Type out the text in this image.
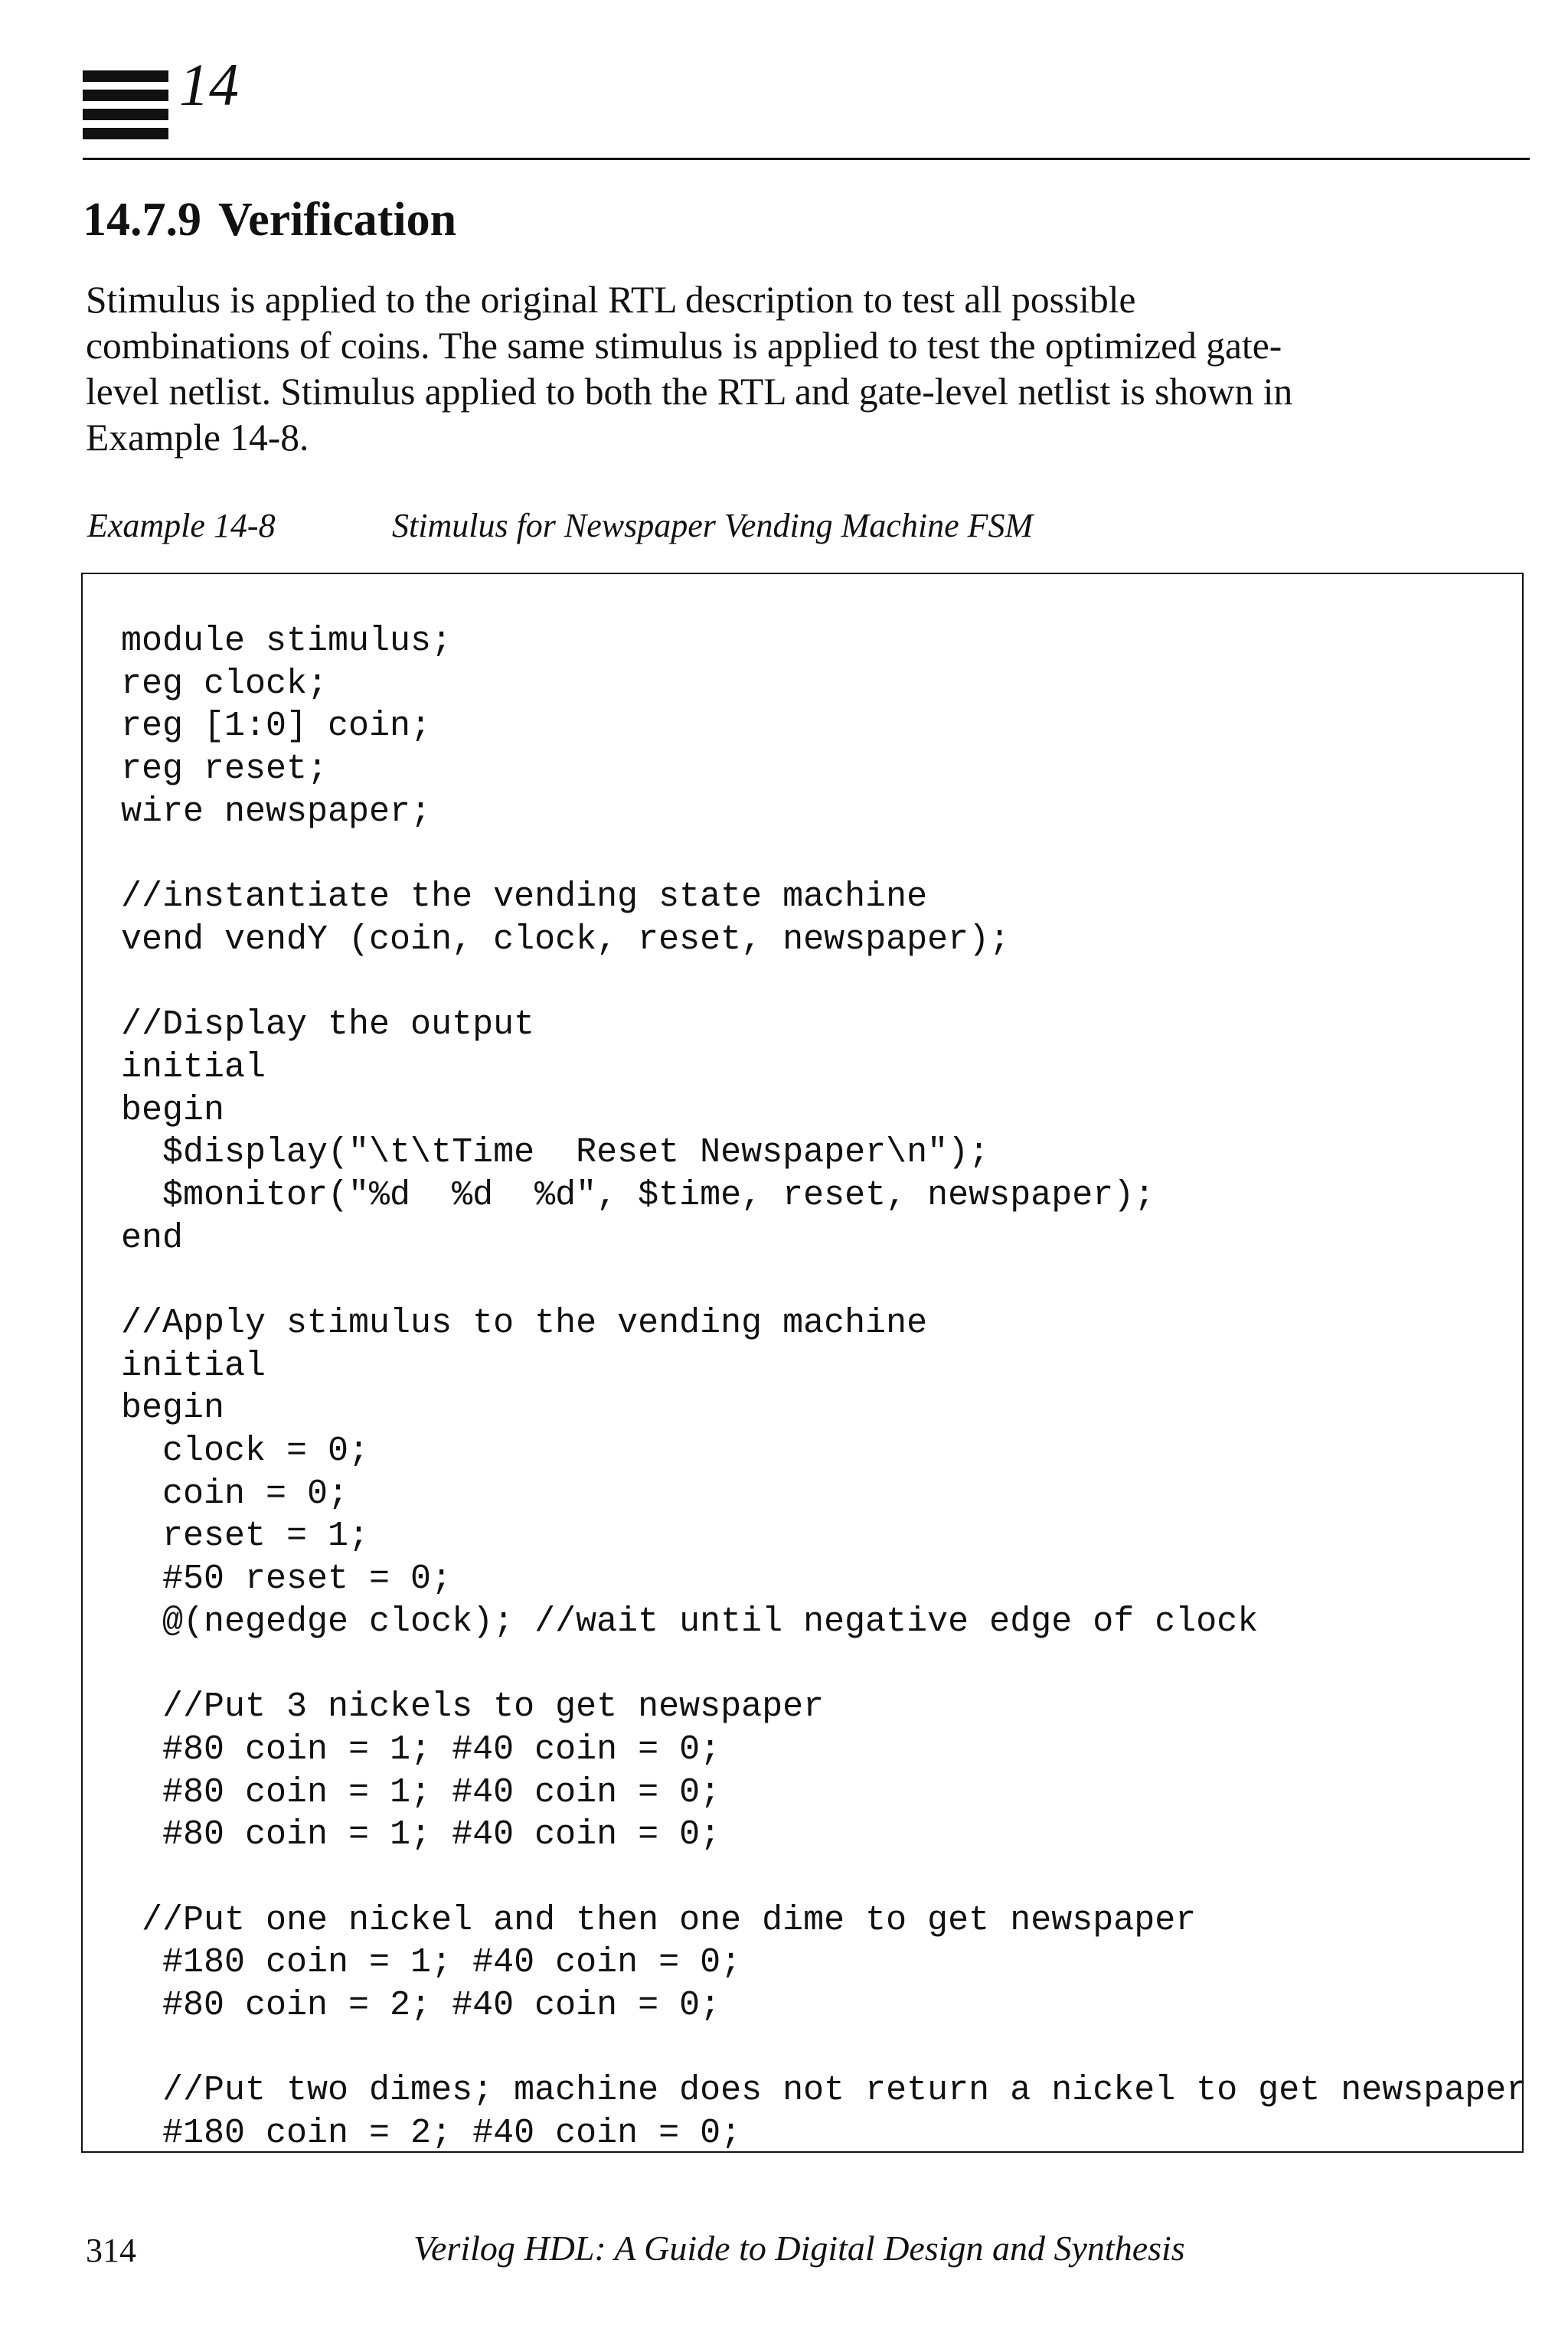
14
14.7.9 Verification

Stimulus is applied to the original RTL description to test all possible
combinations of coins. The same stimulus is applied to test the optimized gate-
level netlist. Stimulus applied to both the RTL and gate-level netlist is shown in
Example 14-8.

Example 14-8	Stimulus for Newspaper Vending Machine FSM
module stimulus;
reg clock;
reg [1:0] coin;
reg reset;
wire newspaper;
//instantiate the vending state machine
vend vendY (coin, clock, reset, newspaper);
//Display the output
initial
begin
$display("\t\tTime  Reset Newspaper\n");
$monitor("%d  %d  %d", $time, reset, newspaper);
end
//Apply stimulus to the vending machine
initial
begin
clock = 0;
coin = 0;
reset = 1;
#50 reset = 0;
@(negedge clock); //wait until negative edge of clock
//Put 3 nickels to get newspaper
#80 coin = 1; #40 coin = 0;
#80 coin = 1; #40 coin = 0;
#80 coin = 1; #40 coin = 0;
//Put one nickel and then one dime to get newspaper
#180 coin = 1; #40 coin = 0;
#80 coin = 2; #40 coin = 0;
//Put two dimes; machine does not return a nickel to get newspaper
#180 coin = 2; #40 coin = 0;
314	Verilog HDL: A Guide to Digital Design and Synthesis
